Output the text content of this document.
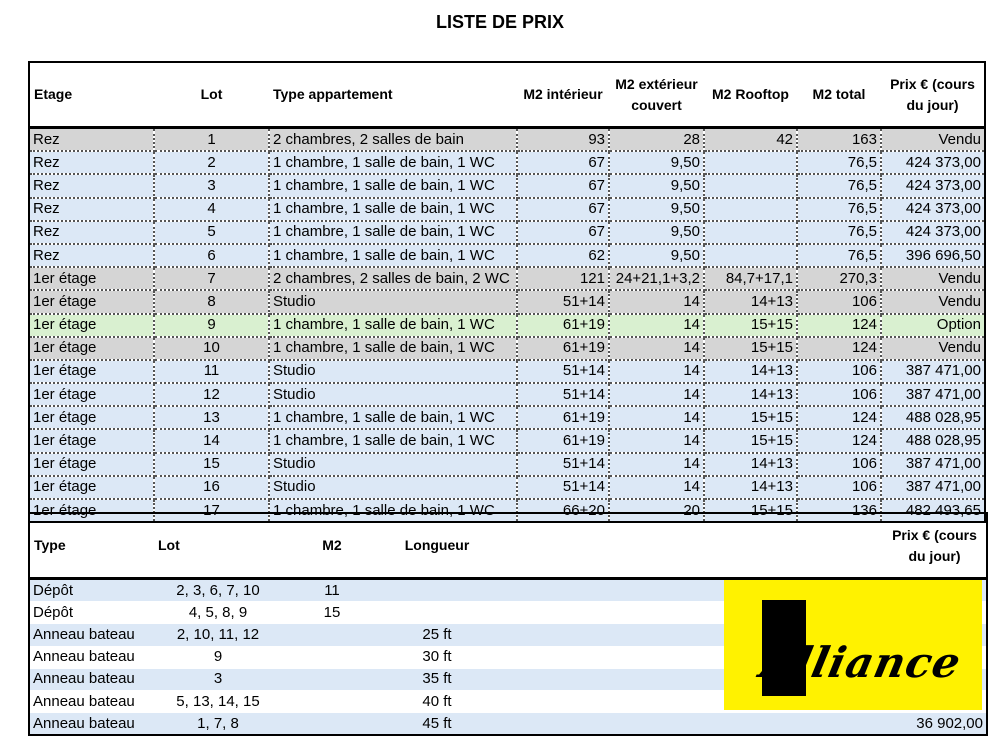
LISTE DE PRIX
Etage	Lot	Type appartement	M2 intérieur	M2 extérieur couvert	M2 Rooftop	M2 total	Prix € (cours du jour)
Rez	1	2 chambres, 2 salles de bain	93	28	42	163	Vendu
Rez	2	1 chambre, 1 salle de bain, 1 WC	67	9,50		76,5	424 373,00
Rez	3	1 chambre, 1 salle de bain, 1 WC	67	9,50		76,5	424 373,00
Rez	4	1 chambre, 1 salle de bain, 1 WC	67	9,50		76,5	424 373,00
Rez	5	1 chambre, 1 salle de bain, 1 WC	67	9,50		76,5	424 373,00
Rez	6	1 chambre, 1 salle de bain, 1 WC	62	9,50		76,5	396 696,50
1er étage	7	2 chambres, 2 salles de bain, 2 WC	121	24+21,1+3,2	84,7+17,1	270,3	Vendu
1er étage	8	Studio	51+14	14	14+13	106	Vendu
1er étage	9	1 chambre, 1 salle de bain, 1 WC	61+19	14	15+15	124	Option
1er étage	10	1 chambre, 1 salle de bain, 1 WC	61+19	14	15+15	124	Vendu
1er étage	11	Studio	51+14	14	14+13	106	387 471,00
1er étage	12	Studio	51+14	14	14+13	106	387 471,00
1er étage	13	1 chambre, 1 salle de bain, 1 WC	61+19	14	15+15	124	488 028,95
1er étage	14	1 chambre, 1 salle de bain, 1 WC	61+19	14	15+15	124	488 028,95
1er étage	15	Studio	51+14	14	14+13	106	387 471,00
1er étage	16	Studio	51+14	14	14+13	106	387 471,00
1er étage	17	1 chambre, 1 salle de bain, 1 WC	66+20	20	15+15	136	482 493,65
Type	Lot	M2	Longueur		Prix € (cours du jour)
Dépôt	2, 3, 6, 7, 10	11			
Dépôt	4, 5, 8, 9	15			
Anneau bateau	2, 10, 11, 12		25 ft		
Anneau bateau	9		30 ft		
Anneau bateau	3		35 ft		
Anneau bateau	5, 13, 14, 15		40 ft		
Anneau bateau	1, 7, 8		45 ft		36 902,00
Alliance
